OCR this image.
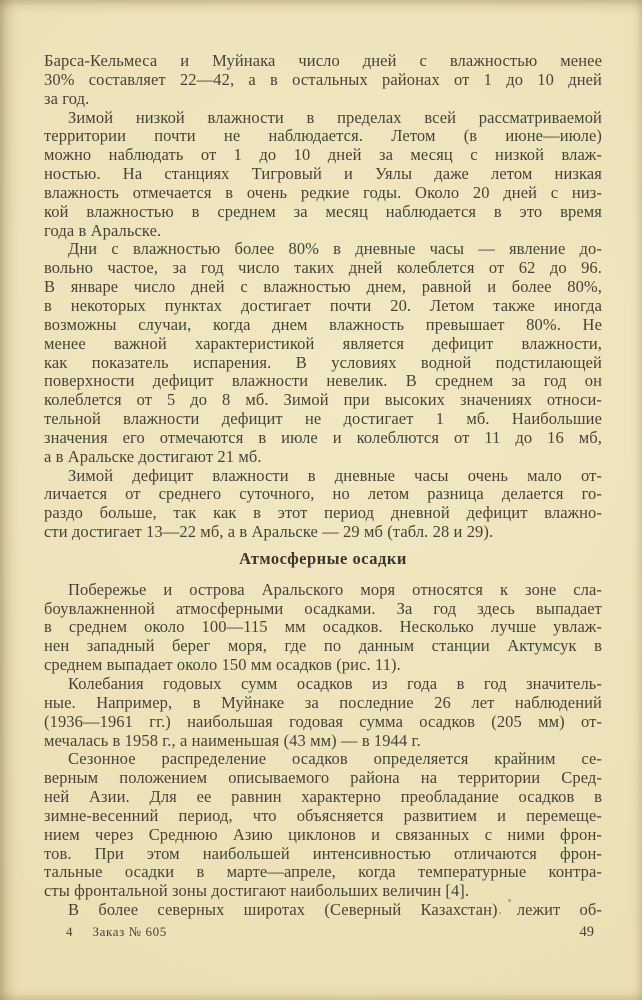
Барса-Кельмеса и Муйнака число дней с влажностью менее
30% составляет 22—42, а в остальных районах от 1 до 10 дней
за год.
Зимой низкой влажности в пределах всей рассматриваемой
территории почти не наблюдается. Летом (в июне—июле)
можно наблюдать от 1 до 10 дней за месяц с низкой влаж-
ностью. На станциях Тигровый и Уялы даже летом низкая
влажность отмечается в очень редкие годы. Около 20 дней с низ-
кой влажностью в среднем за месяц наблюдается в это время
года в Аральске.
Дни с влажностью более 80% в дневные часы — явление до-
вольно частое, за год число таких дней колеблется от 62 до 96.
В январе число дней с влажностью днем, равной и более 80%,
в некоторых пунктах достигает почти 20. Летом также иногда
возможны случаи, когда днем влажность превышает 80%. Не
менее важной характеристикой является дефицит влажности,
как показатель испарения. В условиях водной подстилающей
поверхности дефицит влажности невелик. В среднем за год он
колеблется от 5 до 8 мб. Зимой при высоких значениях относи-
тельной влажности дефицит не достигает 1 мб. Наибольшие
значения его отмечаются в июле и колеблются от 11 до 16 мб,
а в Аральске достигают 21 мб.
Зимой дефицит влажности в дневные часы очень мало от-
личается от среднего суточного, но летом разница делается го-
раздо больше, так как в этот период дневной дефицит влажно-
сти достигает 13—22 мб, а в Аральске — 29 мб (табл. 28 и 29).
Атмосферные осадки
Побережье и острова Аральского моря относятся к зоне сла-
боувлажненной атмосферными осадками. За год здесь выпадает
в среднем около 100—115 мм осадков. Несколько лучше увлаж-
нен западный берег моря, где по данным станции Актумсук в
среднем выпадает около 150 мм осадков (рис. 11).
Колебания годовых сумм осадков из года в год значитель-
ные. Например, в Муйнаке за последние 26 лет наблюдений
(1936—1961 гг.) наибольшая годовая сумма осадков (205 мм) от-
мечалась в 1958 г., а наименьшая (43 мм) — в 1944 г.
Сезонное распределение осадков определяется крайним се-
верным положением описываемого района на территории Сред-
ней Азии. Для ее равнин характерно преобладание осадков в
зимне-весенний период, что объясняется развитием и перемеще-
нием через Среднюю Азию циклонов и связанных с ними фрон-
тов. При этом наибольшей интенсивностью отличаются фрон-
тальные осадки в марте—апреле, когда температурные контра-
сты фронтальной зоны достигают наибольших величин [4].
В более северных широтах (Северный Казахстан) лежит об-
4 Заказ № 605	49
